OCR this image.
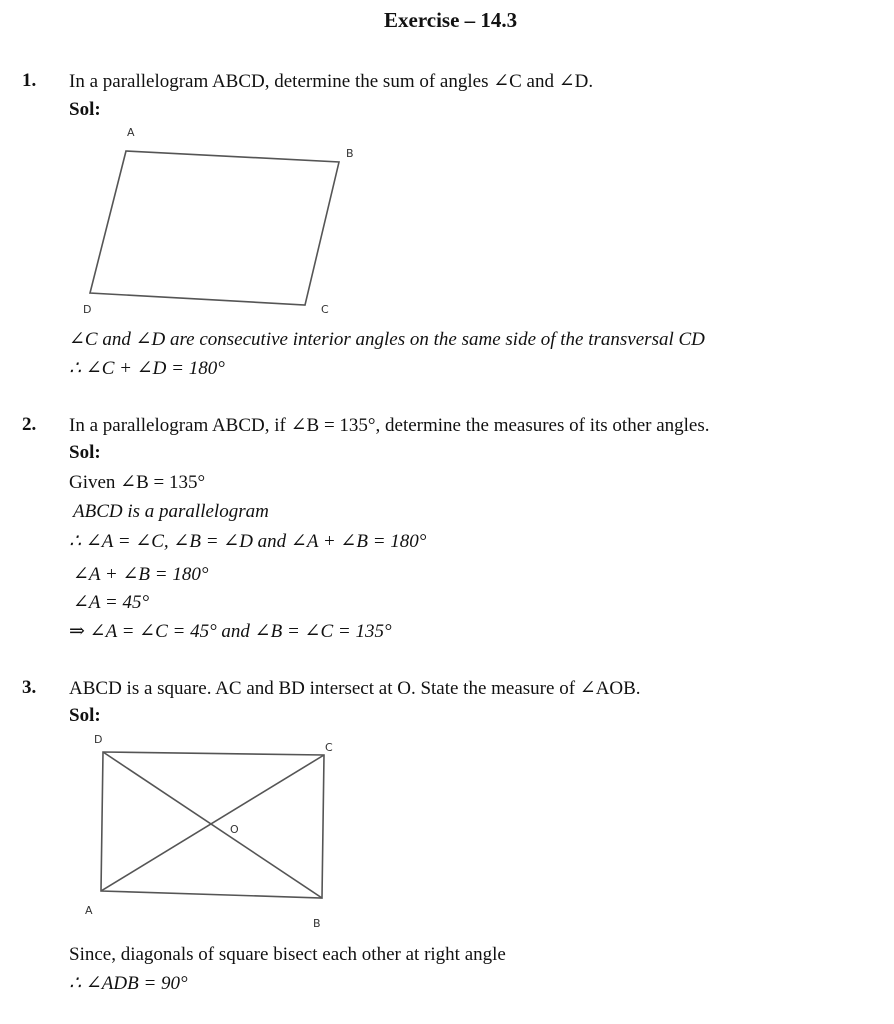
Exercise – 14.3
1. In a parallelogram ABCD, determine the sum of angles ∠C and ∠D.
Sol:
A
B
C
D
∠C and ∠D are consecutive interior angles on the same side of the transversal CD
∴ ∠C + ∠D = 180°
2. In a parallelogram ABCD, if ∠B = 135°, determine the measures of its other angles.
Sol:
Given ∠B = 135°
ABCD is a parallelogram
∴ ∠A = ∠C, ∠B = ∠D and ∠A + ∠B = 180°
∠A + ∠B = 180°
∠A = 45°
⇒ ∠A = ∠C = 45° and ∠B = ∠C = 135°
3. ABCD is a square. AC and BD intersect at O. State the measure of ∠AOB.
Sol:
D
C
O
A
B
Since, diagonals of square bisect each other at right angle
∴ ∠ADB = 90°
